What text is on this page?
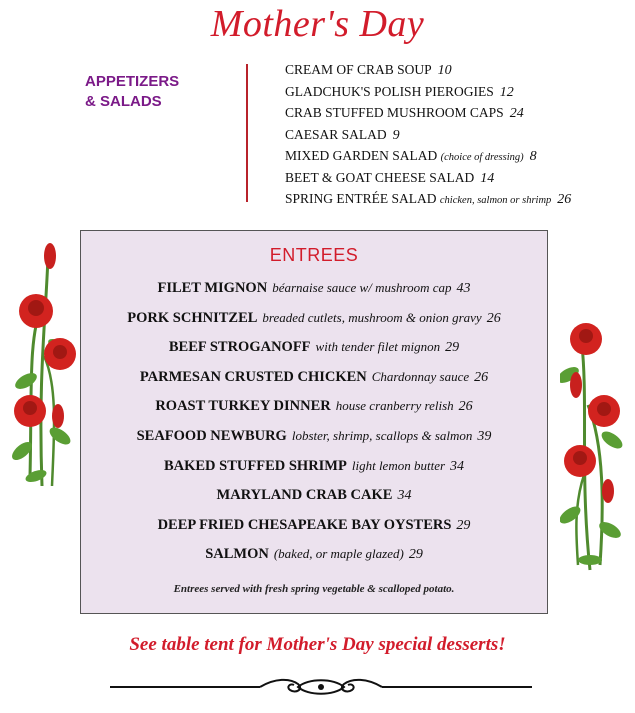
Mother's Day
APPETIZERS
& SALADS
CREAM OF CRAB SOUP 10
GLADCHUK'S POLISH PIEROGIES 12
CRAB STUFFED MUSHROOM CAPS 24
CAESAR SALAD 9
MIXED GARDEN SALAD (choice of dressing) 8
BEET & GOAT CHEESE SALAD 14
SPRING ENTRÉE SALAD chicken, salmon or shrimp 26
ENTREES
FILET MIGNON béarnaise sauce w/ mushroom cap 43
PORK SCHNITZEL breaded cutlets, mushroom & onion gravy 26
BEEF STROGANOFF with tender filet mignon 29
PARMESAN CRUSTED CHICKEN Chardonnay sauce 26
ROAST TURKEY DINNER house cranberry relish 26
SEAFOOD NEWBURG lobster, shrimp, scallops & salmon 39
BAKED STUFFED SHRIMP light lemon butter 34
MARYLAND CRAB CAKE 34
DEEP FRIED CHESAPEAKE BAY OYSTERS 29
SALMON (baked, or maple glazed) 29
Entrees served with fresh spring vegetable & scalloped potato.
See table tent for Mother's Day special desserts!
